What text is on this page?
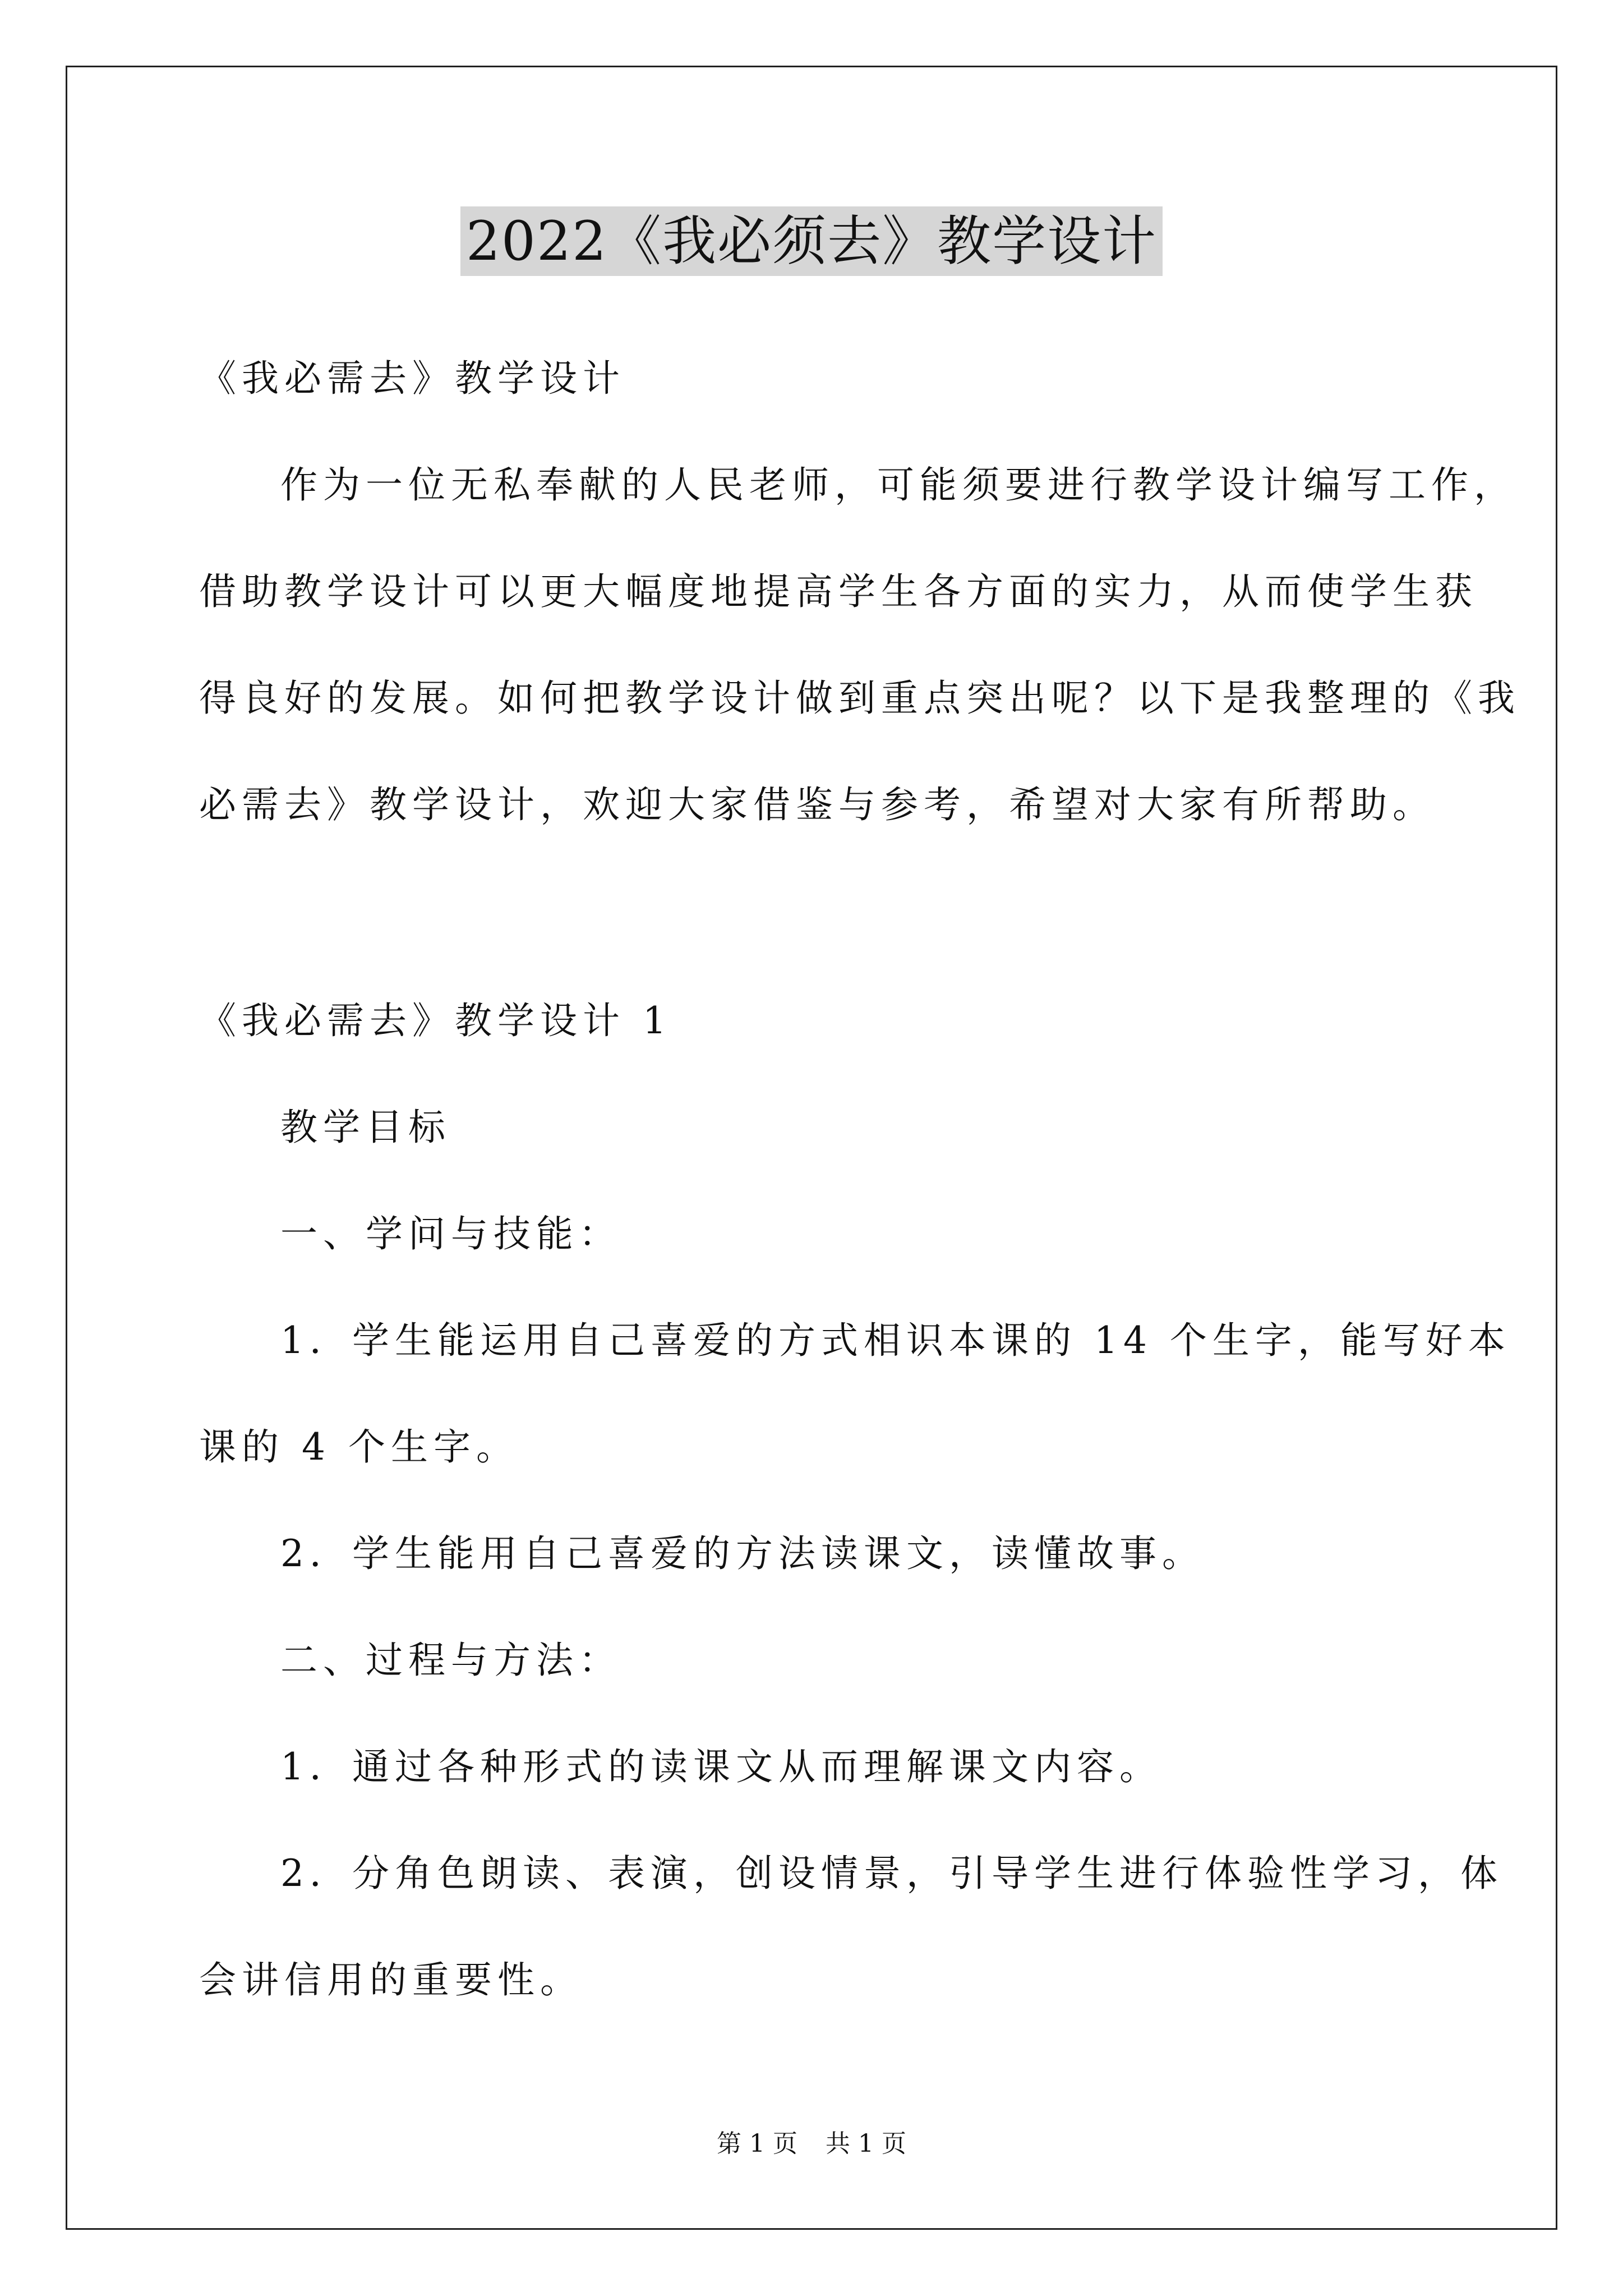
2022《我必须去》教学设计
《我必需去》教学设计
作为一位无私奉献的人民老师，可能须要进行教学设计编写工作，
借助教学设计可以更大幅度地提高学生各方面的实力，从而使学生获
得良好的发展。如何把教学设计做到重点突出呢？以下是我整理的《我
必需去》教学设计，欢迎大家借鉴与参考，希望对大家有所帮助。
《我必需去》教学设计 1
教学目标
一、学问与技能：
1．学生能运用自己喜爱的方式相识本课的 14 个生字，能写好本
课的 4 个生字。
2．学生能用自己喜爱的方法读课文，读懂故事。
二、过程与方法：
1．通过各种形式的读课文从而理解课文内容。
2．分角色朗读、表演，创设情景，引导学生进行体验性学习，体
会讲信用的重要性。
第 1 页 共 1 页
